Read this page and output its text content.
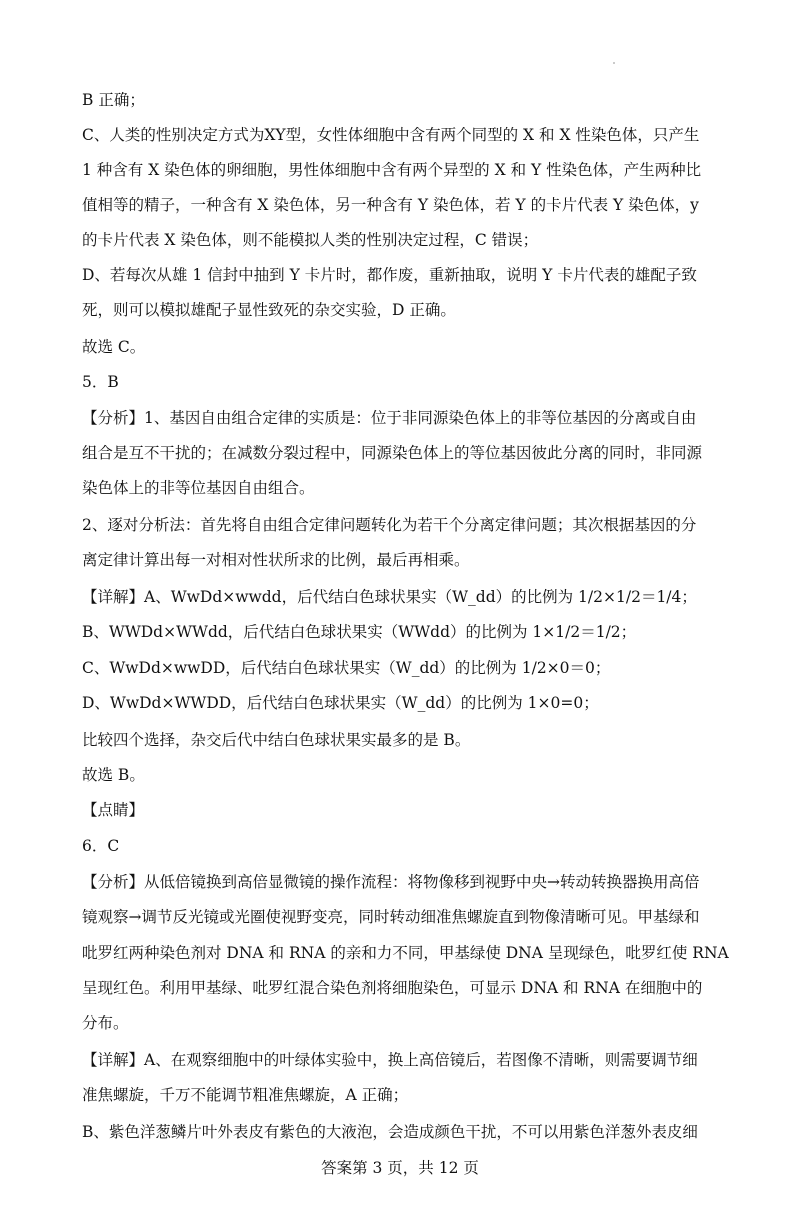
B 正确；
C、人类的性别决定方式为XY型，女性体细胞中含有两个同型的 X 和 X 性染色体，只产生
1 种含有 X 染色体的卵细胞，男性体细胞中含有两个异型的 X 和 Y 性染色体，产生两种比
值相等的精子，一种含有 X 染色体，另一种含有 Y 染色体，若 Y 的卡片代表 Y 染色体，y
的卡片代表 X 染色体，则不能模拟人类的性别决定过程，C 错误；
D、若每次从雄 1 信封中抽到 Y 卡片时，都作废，重新抽取，说明 Y 卡片代表的雄配子致
死，则可以模拟雄配子显性致死的杂交实验，D 正确。
故选 C。
5．B
【分析】1、基因自由组合定律的实质是：位于非同源染色体上的非等位基因的分离或自由
组合是互不干扰的；在减数分裂过程中，同源染色体上的等位基因彼此分离的同时，非同源
染色体上的非等位基因自由组合。
2、逐对分析法：首先将自由组合定律问题转化为若干个分离定律问题；其次根据基因的分
离定律计算出每一对相对性状所求的比例，最后再相乘。
【详解】A、WwDd×wwdd，后代结白色球状果实（W_dd）的比例为 1/2×1/2＝1/4；
B、WWDd×WWdd，后代结白色球状果实（WWdd）的比例为 1×1/2＝1/2；
C、WwDd×wwDD，后代结白色球状果实（W_dd）的比例为 1/2×0＝0；
D、WwDd×WWDD，后代结白色球状果实（W_dd）的比例为 1×0=0；
比较四个选择，杂交后代中结白色球状果实最多的是 B。
故选 B。
【点睛】
6．C
【分析】从低倍镜换到高倍显微镜的操作流程：将物像移到视野中央→转动转换器换用高倍
镜观察→调节反光镜或光圈使视野变亮，同时转动细准焦螺旋直到物像清晰可见。甲基绿和
吡罗红两种染色剂对 DNA 和 RNA 的亲和力不同，甲基绿使 DNA 呈现绿色，吡罗红使 RNA
呈现红色。利用甲基绿、吡罗红混合染色剂将细胞染色，可显示 DNA 和 RNA 在细胞中的
分布。
【详解】A、在观察细胞中的叶绿体实验中，换上高倍镜后，若图像不清晰，则需要调节细
准焦螺旋，千万不能调节粗准焦螺旋，A 正确；
B、紫色洋葱鳞片叶外表皮有紫色的大液泡，会造成颜色干扰，不可以用紫色洋葱外表皮细
答案第 3 页，共 12 页
